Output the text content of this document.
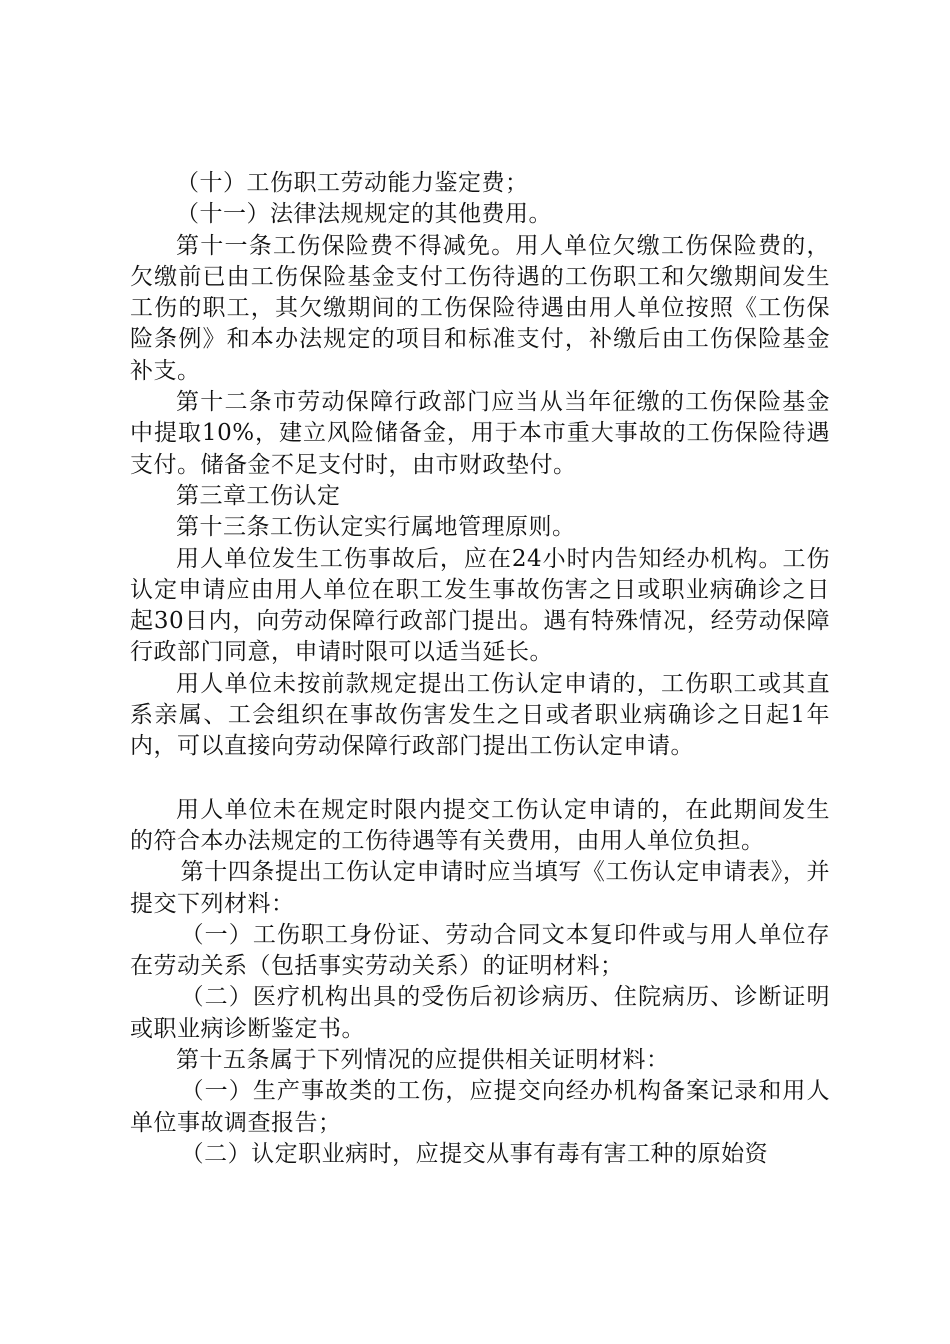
（十）工伤职工劳动能力鉴定费；

（十一）法律法规规定的其他费用。

第十一条工伤保险费不得减免。用人单位欠缴工伤保险费的，欠缴前已由工伤保险基金支付工伤待遇的工伤职工和欠缴期间发生工伤的职工，其欠缴期间的工伤保险待遇由用人单位按照《工伤保险条例》和本办法规定的项目和标准支付，补缴后由工伤保险基金补支。

第十二条市劳动保障行政部门应当从当年征缴的工伤保险基金中提取10%，建立风险储备金，用于本市重大事故的工伤保险待遇支付。储备金不足支付时，由市财政垫付。

第三章工伤认定

第十三条工伤认定实行属地管理原则。

用人单位发生工伤事故后，应在24小时内告知经办机构。工伤认定申请应由用人单位在职工发生事故伤害之日或职业病确诊之日起30日内，向劳动保障行政部门提出。遇有特殊情况，经劳动保障行政部门同意，申请时限可以适当延长。

用人单位未按前款规定提出工伤认定申请的，工伤职工或其直系亲属、工会组织在事故伤害发生之日或者职业病确诊之日起1年内，可以直接向劳动保障行政部门提出工伤认定申请。

用人单位未在规定时限内提交工伤认定申请的，在此期间发生的符合本办法规定的工伤待遇等有关费用，由用人单位负担。

第十四条提出工伤认定申请时应当填写《工伤认定申请表》，并提交下列材料：

（一）工伤职工身份证、劳动合同文本复印件或与用人单位存在劳动关系（包括事实劳动关系）的证明材料；

（二）医疗机构出具的受伤后初诊病历、住院病历、诊断证明或职业病诊断鉴定书。

第十五条属于下列情况的应提供相关证明材料：

（一）生产事故类的工伤，应提交向经办机构备案记录和用人单位事故调查报告；

（二）认定职业病时，应提交从事有毒有害工种的原始资
